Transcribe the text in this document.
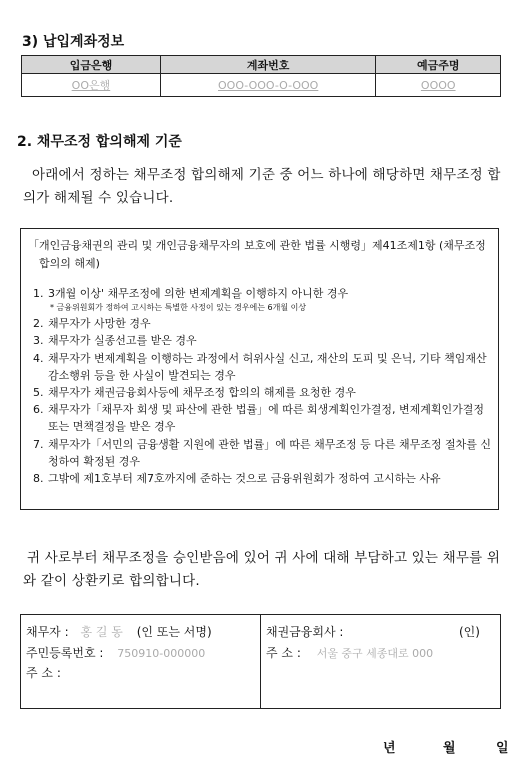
3) 납입계좌정보
입금은행	계좌번호	예금주명
OO은행	OOO-OOO-O-OOO	OOOO
2. 채무조정 합의해제 기준
아래에서 정하는 채무조정 합의해제 기준 중 어느 하나에 해당하면 채무조정 합의가 해제될 수 있습니다.
「개인금융채권의 관리 및 개인금융채무자의 보호에 관한 법률 시행령」제41조제1항 (채무조정
합의의 해제)
1. 3개월 이상' 채무조정에 의한 변제계획을 이행하지 아니한 경우
* 금융위원회가 정하여 고시하는 특별한 사정이 있는 경우에는 6개월 이상
2. 채무자가 사망한 경우
3. 채무자가 실종선고를 받은 경우
4. 채무자가 변제계획을 이행하는 과정에서 허위사실 신고, 재산의 도피 및 은닉, 기타 책임재산 감소행위 등을 한 사실이 발견되는 경우
5. 채무자가 채권금융회사등에 채무조정 합의의 해제를 요청한 경우
6. 채무자가「채무자 회생 및 파산에 관한 법률」에 따른 회생계획인가결정, 변제계획인가결정 또는 면책결정을 받은 경우
7. 채무자가「서민의 금융생활 지원에 관한 법률」에 따른 채무조정 등 다른 채무조정 절차를 신청하여 확정된 경우
8. 그밖에 제1호부터 제7호까지에 준하는 것으로 금융위원회가 정하여 고시하는 사유
귀 사로부터 채무조정을 승인받음에 있어 귀 사에 대해 부담하고 있는 채무를 위와 같이 상환키로 합의합니다.
채무자 : 홍 길 동 (인 또는 서명)
주민등록번호 : 750910-000000
주 소 :
채권금융회사 :	(인)
주 소 : 서울 중구 세종대로 000
년	월	일
